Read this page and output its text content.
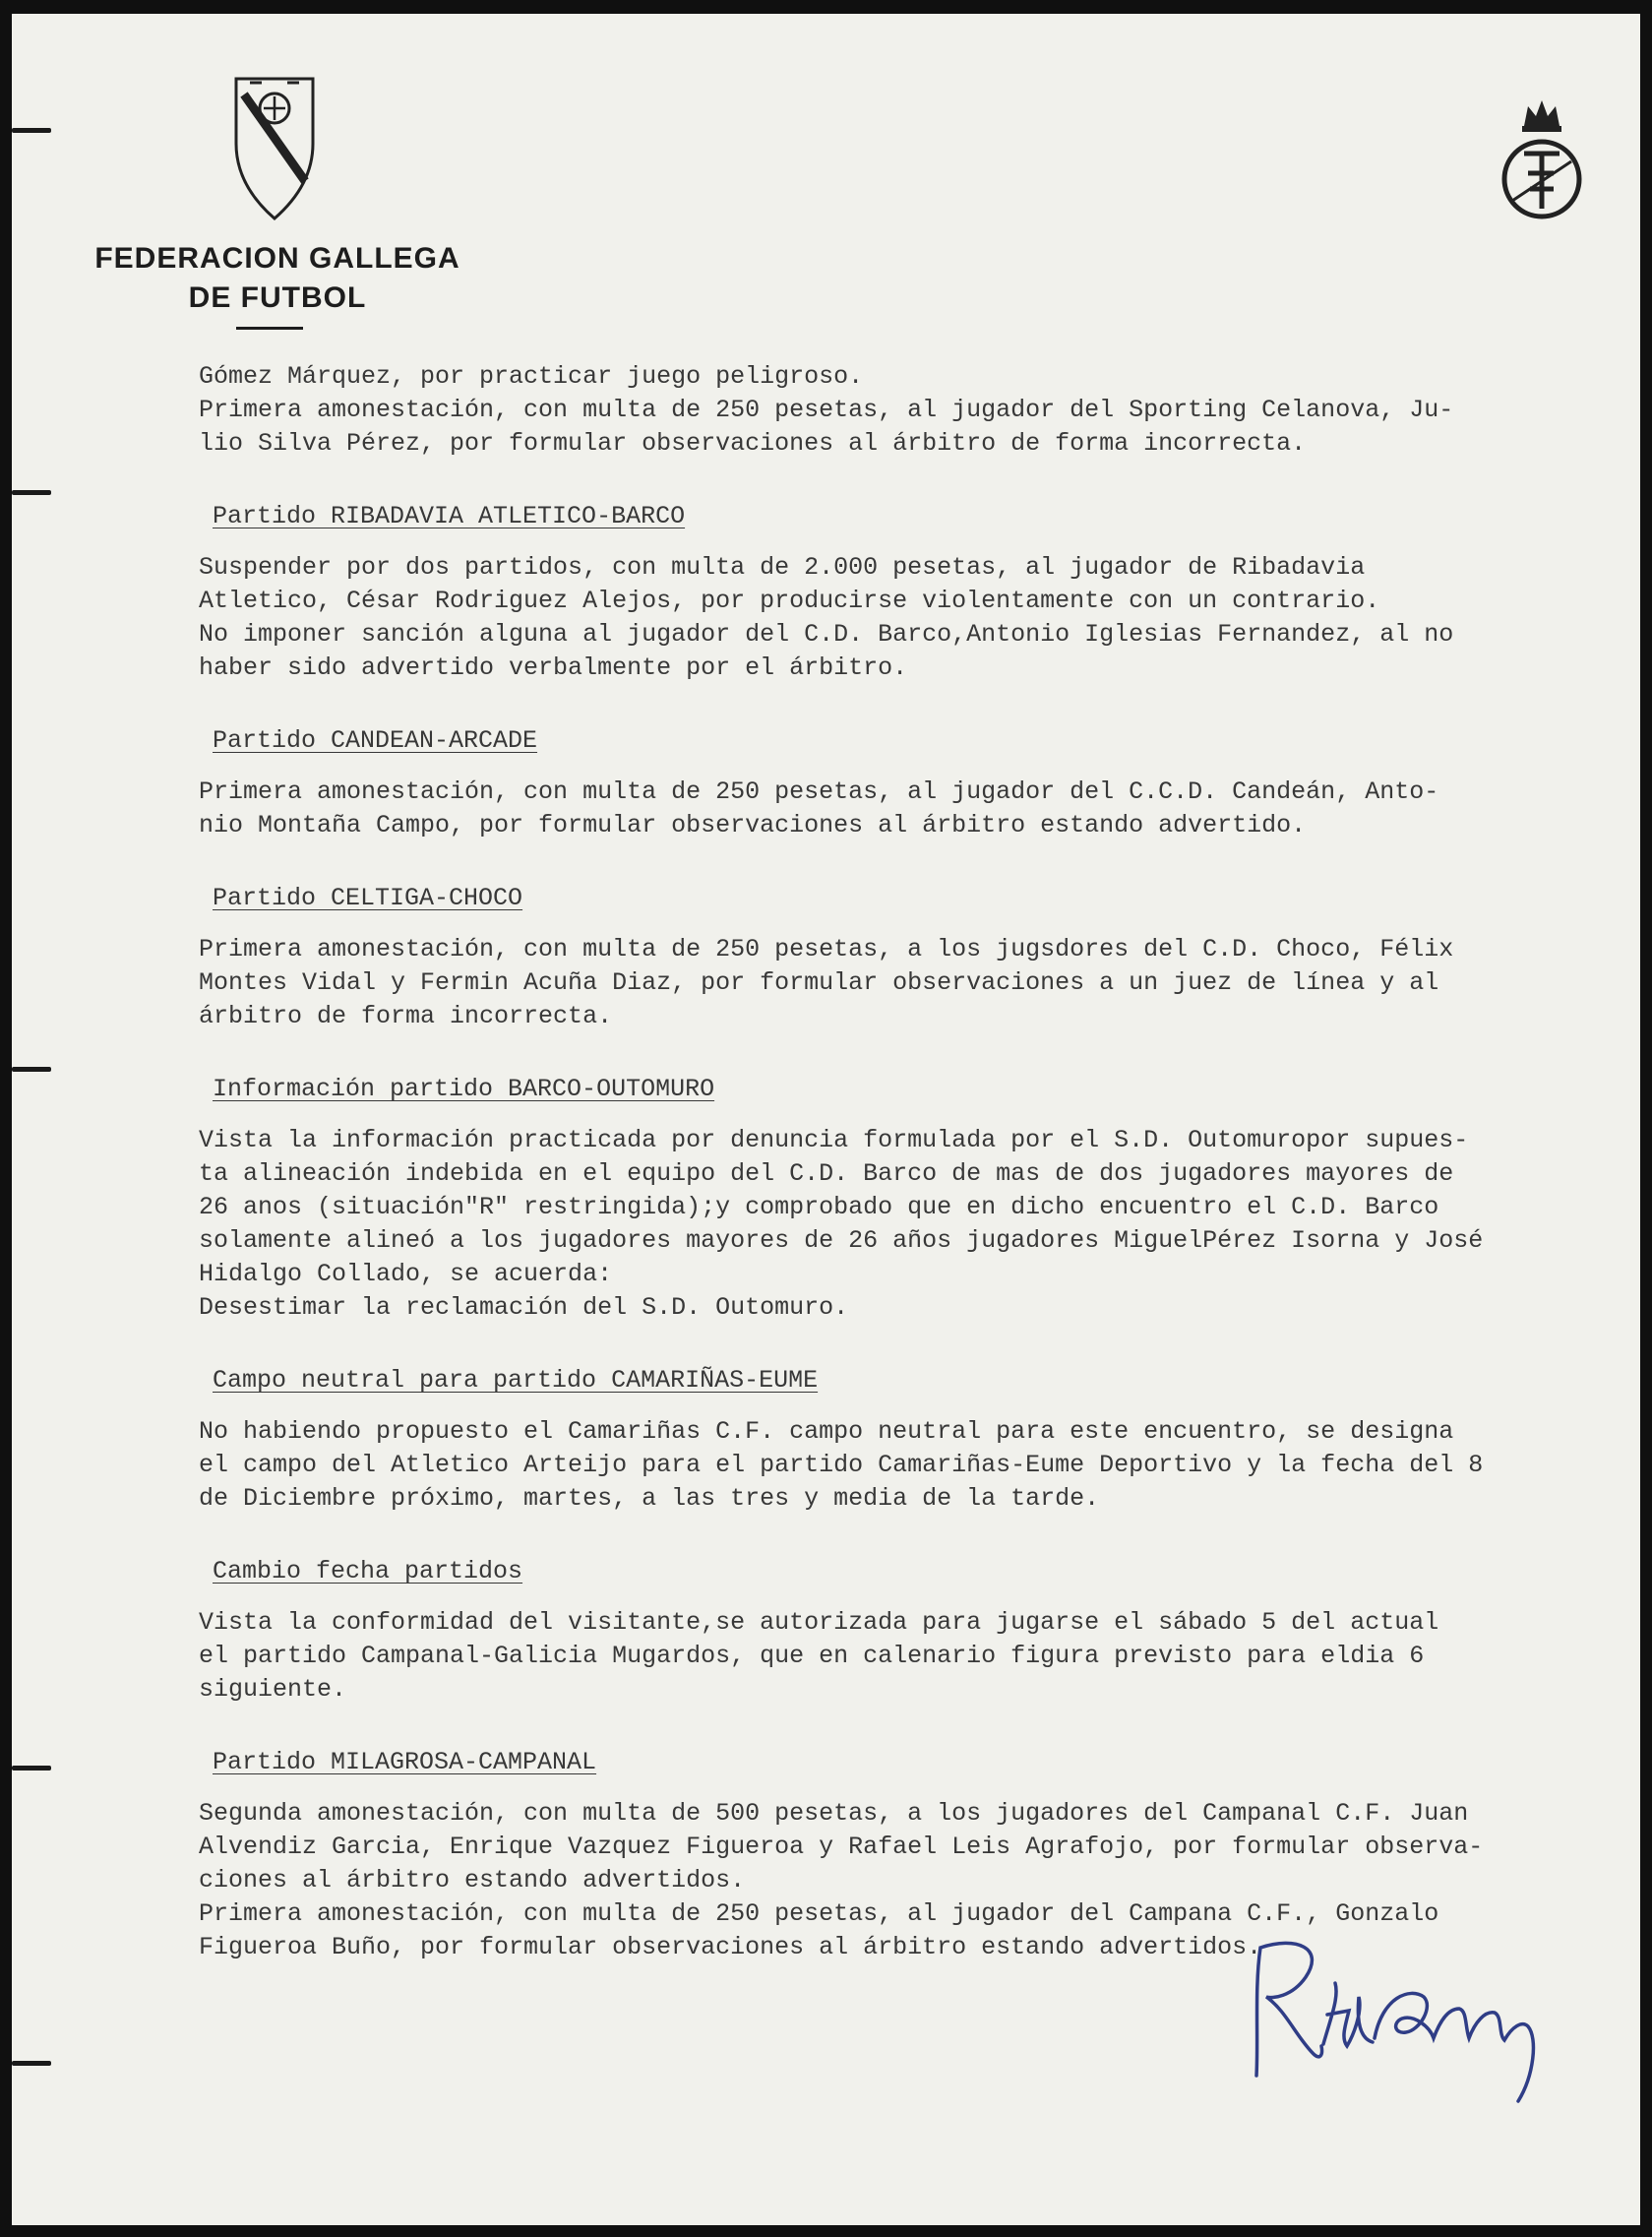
FEDERACION GALLEGA
DE FUTBOL

Gómez Márquez, por practicar juego peligroso.

Primera amonestación, con multa de 250 pesetas, al jugador del Sporting Celanova, Ju-
lio Silva Pérez, por formular observaciones al árbitro de forma incorrecta.

Partido RIBADAVIA ATLETICO-BARCO

Suspender por dos partidos, con multa de 2.000 pesetas, al jugador de Ribadavia
Atletico, César Rodriguez Alejos, por producirse violentamente con un contrario.

No imponer sanción alguna al jugador del C.D. Barco,Antonio Iglesias Fernandez, al no
haber sido advertido verbalmente por el árbitro.

Partido CANDEAN-ARCADE

Primera amonestación, con multa de 250 pesetas, al jugador del C.C.D. Candeán, Anto-
nio Montaña Campo, por formular observaciones al árbitro estando advertido.

Partido CELTIGA-CHOCO

Primera amonestación, con multa de 250 pesetas, a los jugsdores del C.D. Choco, Félix
Montes Vidal y Fermin Acuña Diaz, por formular observaciones a un juez de línea y al
árbitro de forma incorrecta.

Información partido BARCO-OUTOMURO

Vista la información practicada por denuncia formulada por el S.D. Outomuropor supues-
ta alineación indebida en el equipo del C.D. Barco de mas de dos jugadores mayores de
26 anos (situación"R" restringida);y comprobado que en dicho encuentro el C.D. Barco
solamente alineó a los jugadores mayores de 26 años jugadores MiguelPérez Isorna y José
Hidalgo Collado, se acuerda:

Desestimar la reclamación del S.D. Outomuro.

Campo neutral para partido CAMARIÑAS-EUME

No habiendo propuesto el Camariñas C.F. campo neutral para este encuentro, se designa
el campo del Atletico Arteijo para el partido Camariñas-Eume Deportivo y la fecha del 8
de Diciembre próximo, martes, a las tres y media de la tarde.

Cambio fecha partidos

Vista la conformidad del visitante,se autorizada para jugarse el sábado 5 del actual
el partido Campanal-Galicia Mugardos, que en calenario figura previsto para eldia 6
siguiente.

Partido MILAGROSA-CAMPANAL

Segunda amonestación, con multa de 500 pesetas, a los jugadores del Campanal C.F. Juan
Alvendiz Garcia, Enrique Vazquez Figueroa y Rafael Leis Agrafojo, por formular observa-
ciones al árbitro estando advertidos.

Primera amonestación, con multa de 250 pesetas, al jugador del Campana C.F., Gonzalo
Figueroa Buño, por formular observaciones al árbitro estando advertidos.
